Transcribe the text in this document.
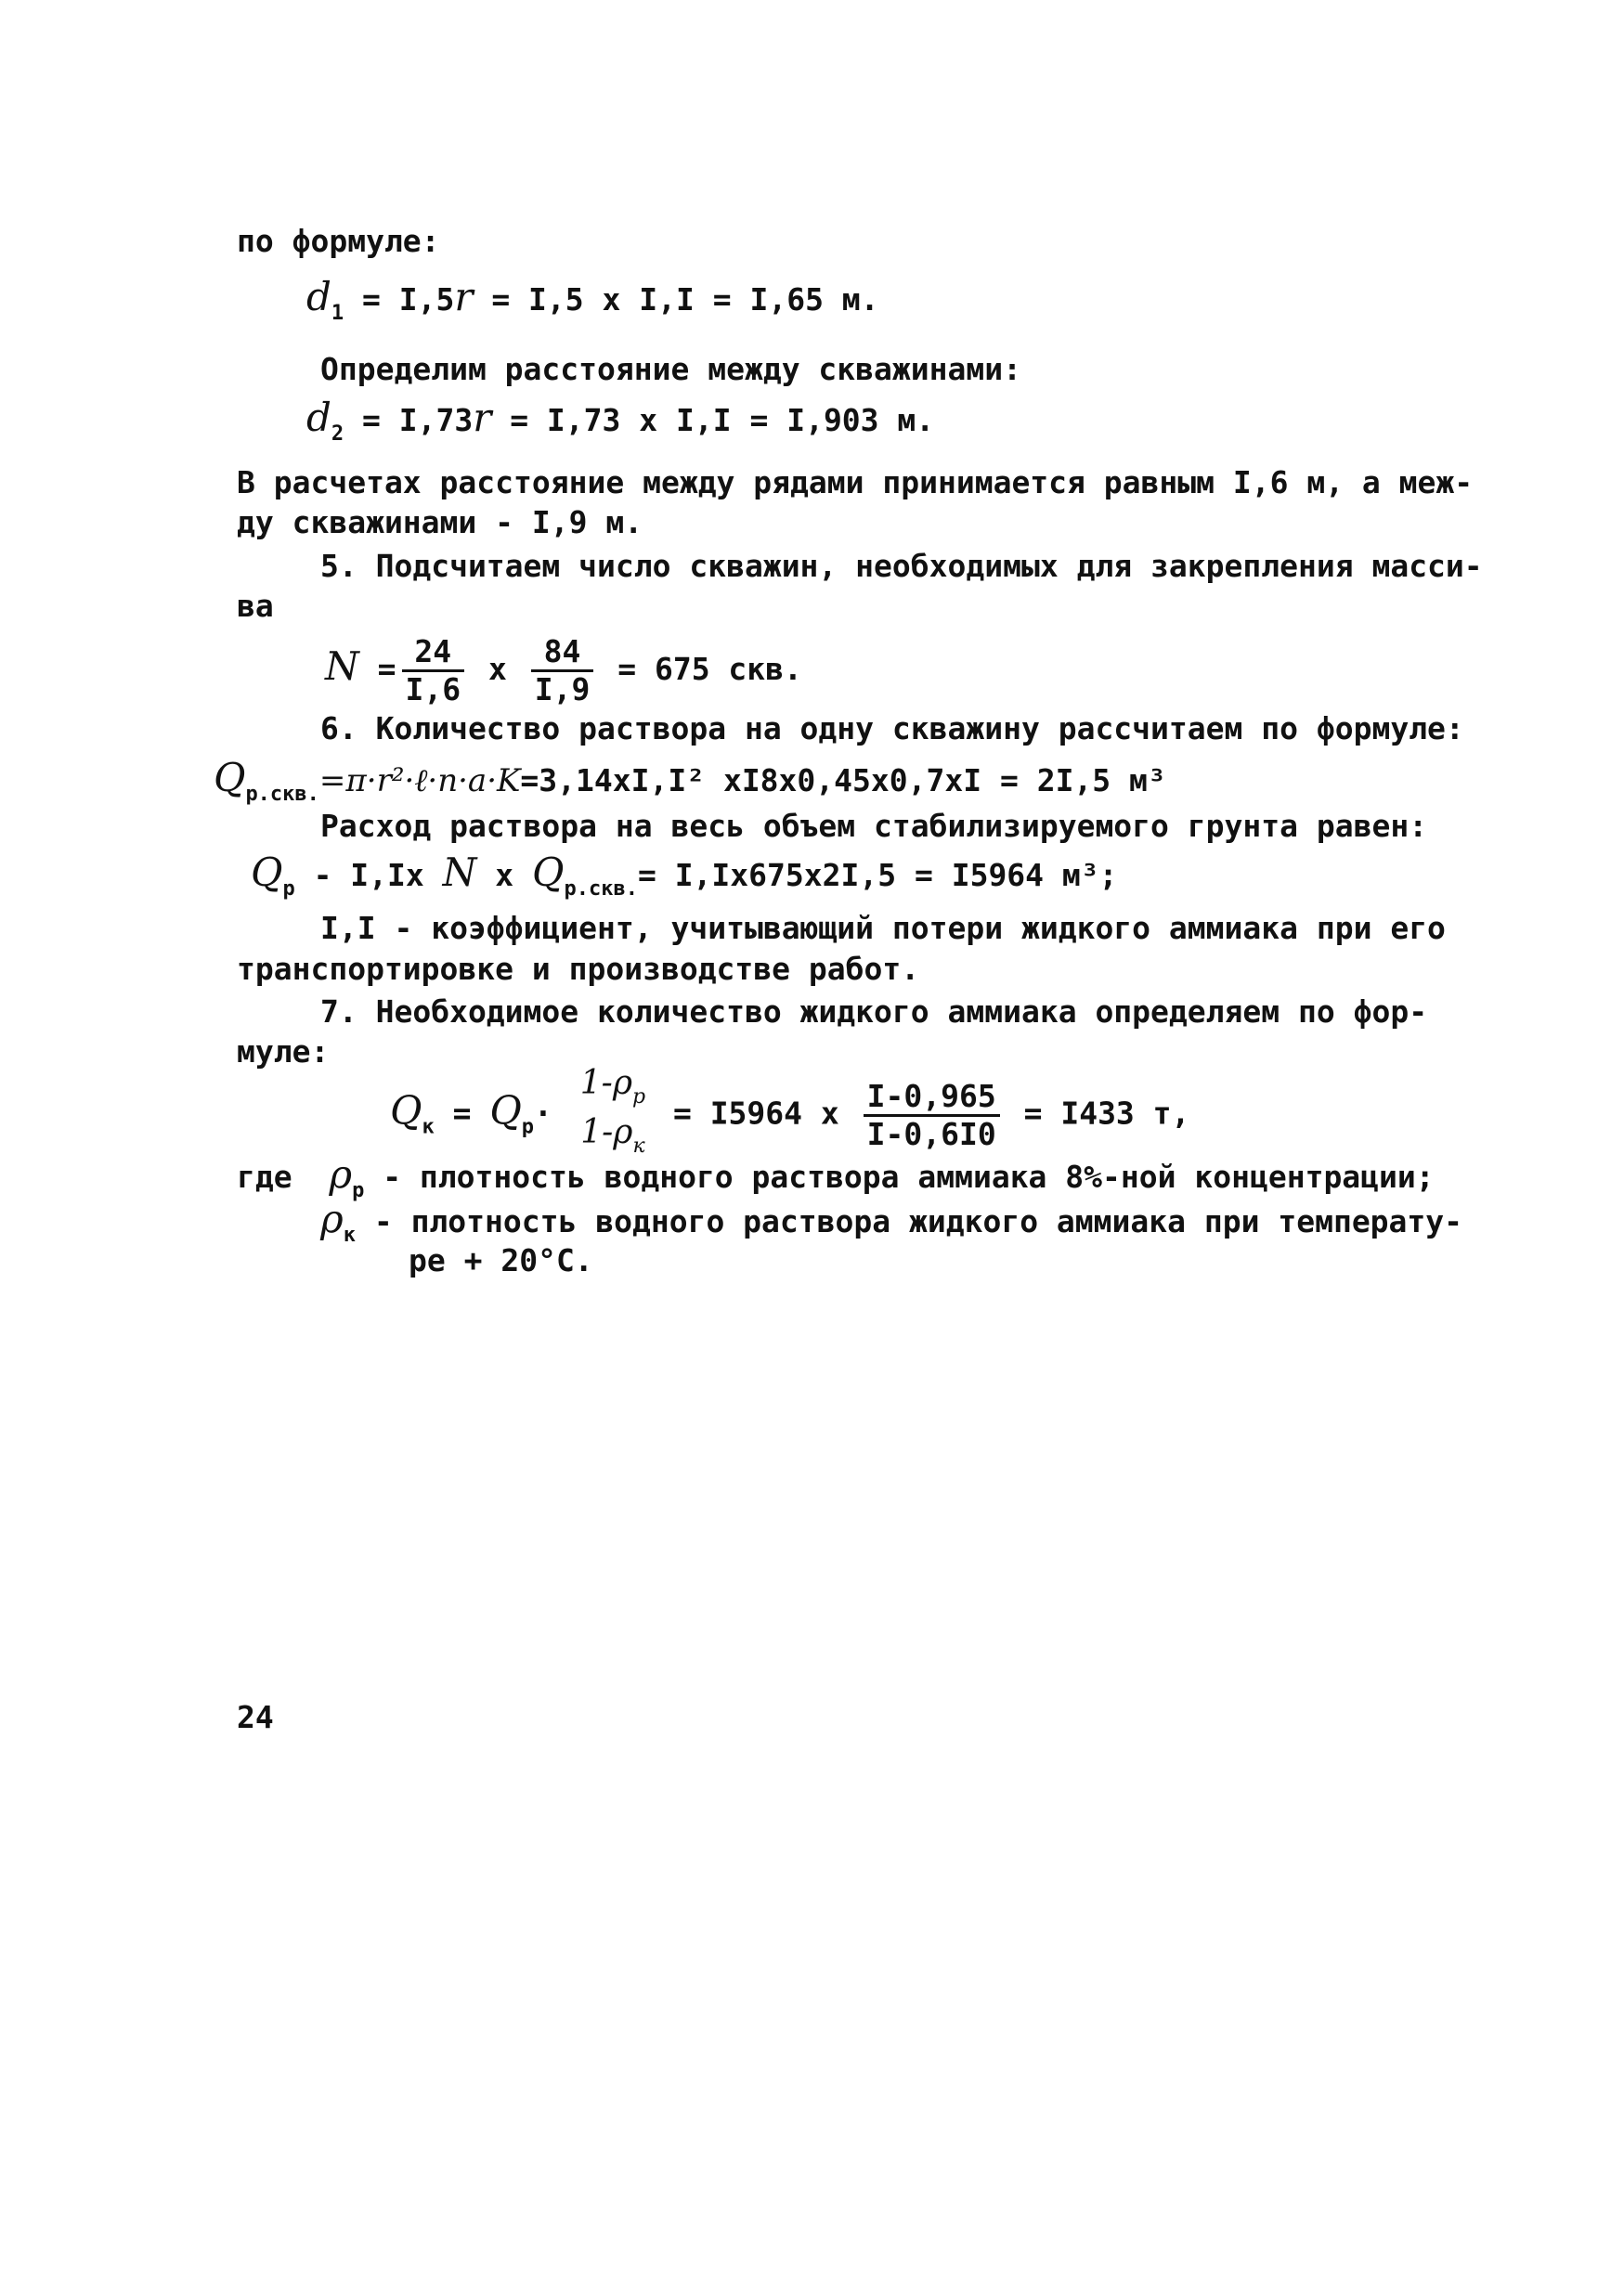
по формуле:
$d_1 = I,5r = I,5$ x I,I = I,65 м.
Определим расстояние между скважинами:
$d_2 = I,73r = I,73$ x I,I = I,903 м.
В расчетах расстояние между рядами принимается равным I,6 м, а меж-
ду скважинами - I,9 м.
5. Подсчитаем число скважин, необходимых для закрепления масси-
ва
$N = \frac{24}{I,6}$ x $\frac{84}{I,9} = 675$ скв.
6. Количество раствора на одну скважину рассчитаем по формуле:
$Q_{р.скв.}=\pi\cdot r^2\cdot\ell\cdot n\cdot a\cdot K=3,14xI,I^2$ xI8x0,45x0,7xI = 2I,5 м³
Расход раствора на весь объем стабилизируемого грунта равен:
$Q_р - I,Ix$ N x $Q_{р.скв.}= I,Ix675x2I,5 = I5964$ м³;
I,I - коэффициент, учитывающий потери жидкого аммиака при его
транспортировке и производстве работ.
7. Необходимое количество жидкого аммиака определяем по фор-
муле:
$Q_к = Q_р\cdot$
$1-\rho_р$
$1-\rho_к$
= I5964 x $\frac{I-0,965}{I-0,6I0} = I433$ т,
где $\rho_р$ - плотность водного раствора аммиака 8%-ной концентрации;
$\rho_к$ - плотность водного раствора жидкого аммиака при температу-
ре + 20°С.
24
